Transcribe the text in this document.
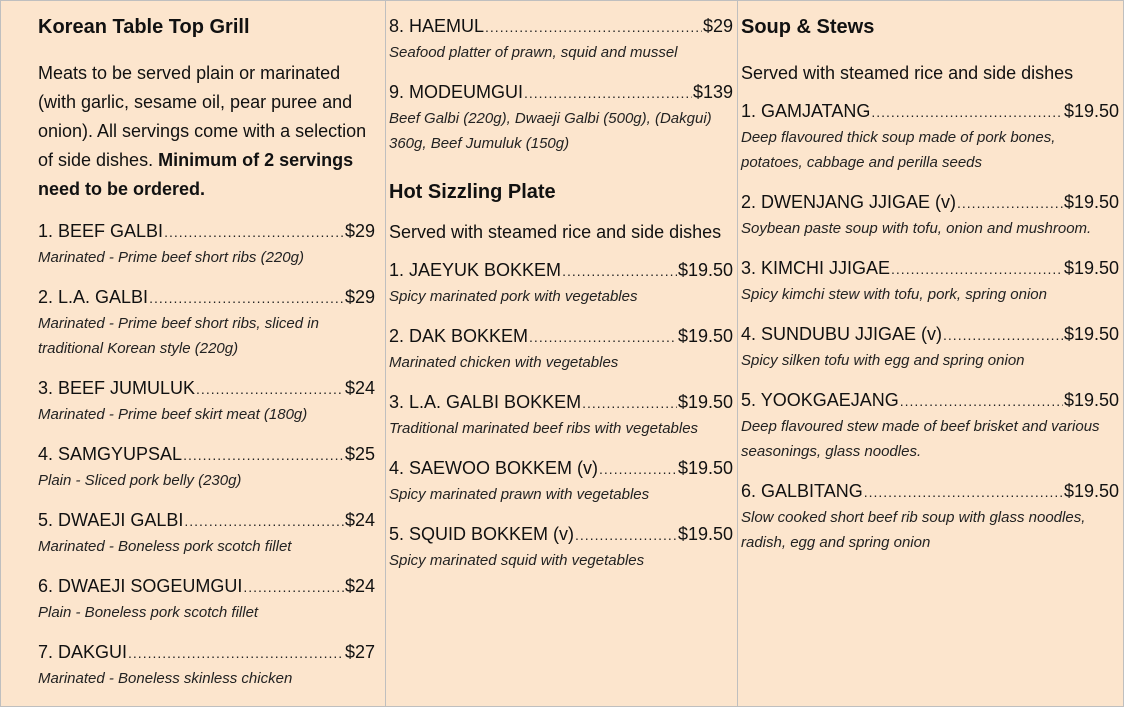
Korean Table Top Grill
Meats to be served plain or marinated (with garlic, sesame oil, pear puree and onion). All servings come with a selection of side dishes. Minimum of 2 servings need to be ordered.
1. BEEF GALBI .....	$29
Marinated - Prime beef short ribs (220g)
2. L.A. GALBI .....	$29
Marinated - Prime beef short ribs, sliced in traditional Korean style (220g)
3. BEEF JUMULUK .....	$24
Marinated - Prime beef skirt meat (180g)
4. SAMGYUPSAL .....	$25
Plain - Sliced pork belly (230g)
5. DWAEJI GALBI .....	$24
Marinated - Boneless pork scotch fillet
6. DWAEJI SOGEUMGUI .....	$24
Plain - Boneless pork scotch fillet
7. DAKGUI .....	$27
Marinated - Boneless skinless chicken
8. HAEMUL .....	$29
Seafood platter of prawn, squid and mussel
9. MODEUMGUI .....	$139
Beef Galbi (220g), Dwaeji Galbi (500g), (Dakgui) 360g, Beef Jumuluk (150g)
Hot Sizzling Plate
Served with steamed rice and side dishes
1. JAEYUK BOKKEM .....	$19.50
Spicy marinated pork with vegetables
2. DAK BOKKEM .....	$19.50
Marinated chicken with vegetables
3. L.A. GALBI BOKKEM .....	$19.50
Traditional marinated beef ribs with vegetables
4. SAEWOO BOKKEM (v) .....	$19.50
Spicy marinated prawn with vegetables
5. SQUID BOKKEM (v) .....	$19.50
Spicy marinated squid with vegetables
Soup & Stews
Served with steamed rice and side dishes
1. GAMJATANG .....	$19.50
Deep flavoured thick soup made of pork bones, potatoes, cabbage and perilla seeds
2. DWENJANG JJIGAE (v) .....	$19.50
Soybean paste soup with tofu, onion and mushroom.
3. KIMCHI JJIGAE .....	$19.50
Spicy kimchi stew with tofu, pork, spring onion
4. SUNDUBU JJIGAE (v) .....	$19.50
Spicy silken tofu with egg and spring onion
5. YOOKGAEJANG .....	$19.50
Deep flavoured stew made of beef brisket and various seasonings, glass noodles.
6. GALBITANG .....	$19.50
Slow cooked short beef rib soup with glass noodles, radish, egg and spring onion
